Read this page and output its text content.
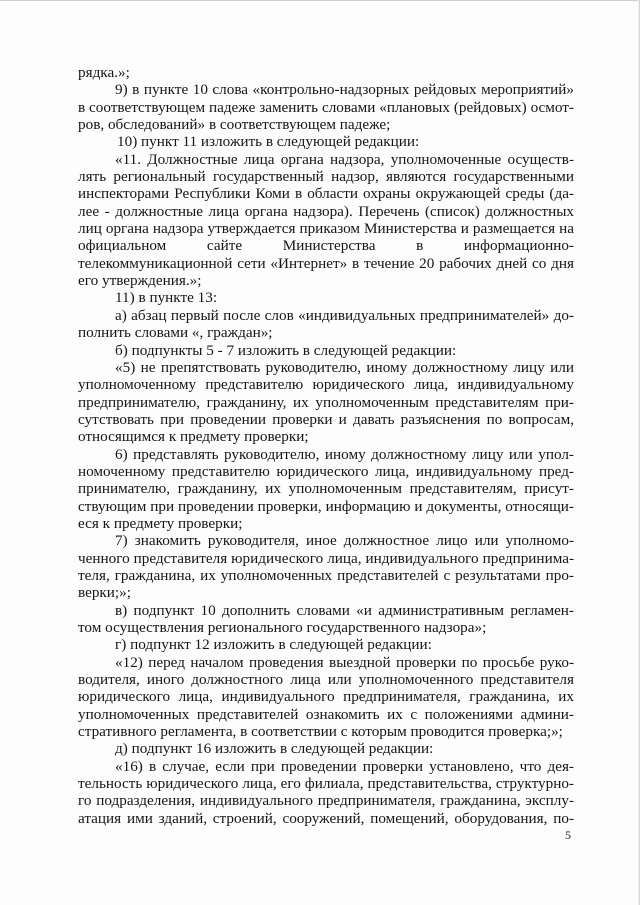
рядка.»;

9) в пункте 10 слова «контрольно-надзорных рейдовых мероприятий»

в соответствующем падеже заменить словами «плановых (рейдовых) осмот-

ров, обследований» в соответствующем падеже;

10) пункт 11 изложить в следующей редакции:

«11. Должностные лица органа надзора, уполномоченные осуществ-

лять региональный государственный надзор, являются государственными

инспекторами Республики Коми в области охраны окружающей среды (да-

лее - должностные лица органа надзора). Перечень (список) должностных

лиц органа надзора утверждается приказом Министерства и размещается на

официальном сайте Министерства в информационно-

телекоммуникационной сети «Интернет» в течение 20 рабочих дней со дня

его утверждения.»;

11) в пункте 13:

а) абзац первый после слов «индивидуальных предпринимателей» до-

полнить словами «, граждан»;

б) подпункты 5 - 7 изложить в следующей редакции:

«5) не препятствовать руководителю, иному должностному лицу или

уполномоченному представителю юридического лица, индивидуальному

предпринимателю, гражданину, их уполномоченным представителям при-

сутствовать при проведении проверки и давать разъяснения по вопросам,

относящимся к предмету проверки;

6) представлять руководителю, иному должностному лицу или упол-

номоченному представителю юридического лица, индивидуальному пред-

принимателю, гражданину, их уполномоченным представителям, присут-

ствующим при проведении проверки, информацию и документы, относящи-

еся к предмету проверки;

7) знакомить руководителя, иное должностное лицо или уполномо-

ченного представителя юридического лица, индивидуального предпринима-

теля, гражданина, их уполномоченных представителей с результатами про-

верки;»;

в) подпункт 10 дополнить словами «и административным регламен-

том осуществления регионального государственного надзора»;

г) подпункт 12 изложить в следующей редакции:

«12) перед началом проведения выездной проверки по просьбе руко-

водителя, иного должностного лица или уполномоченного представителя

юридического лица, индивидуального предпринимателя, гражданина, их

уполномоченных представителей ознакомить их с положениями админи-

стративного регламента, в соответствии с которым проводится проверка;»;

д) подпункт 16 изложить в следующей редакции:

«16) в случае, если при проведении проверки установлено, что дея-

тельность юридического лица, его филиала, представительства, структурно-

го подразделения, индивидуального предпринимателя, гражданина, эксплу-

атация ими зданий, строений, сооружений, помещений, оборудования, по-

5
